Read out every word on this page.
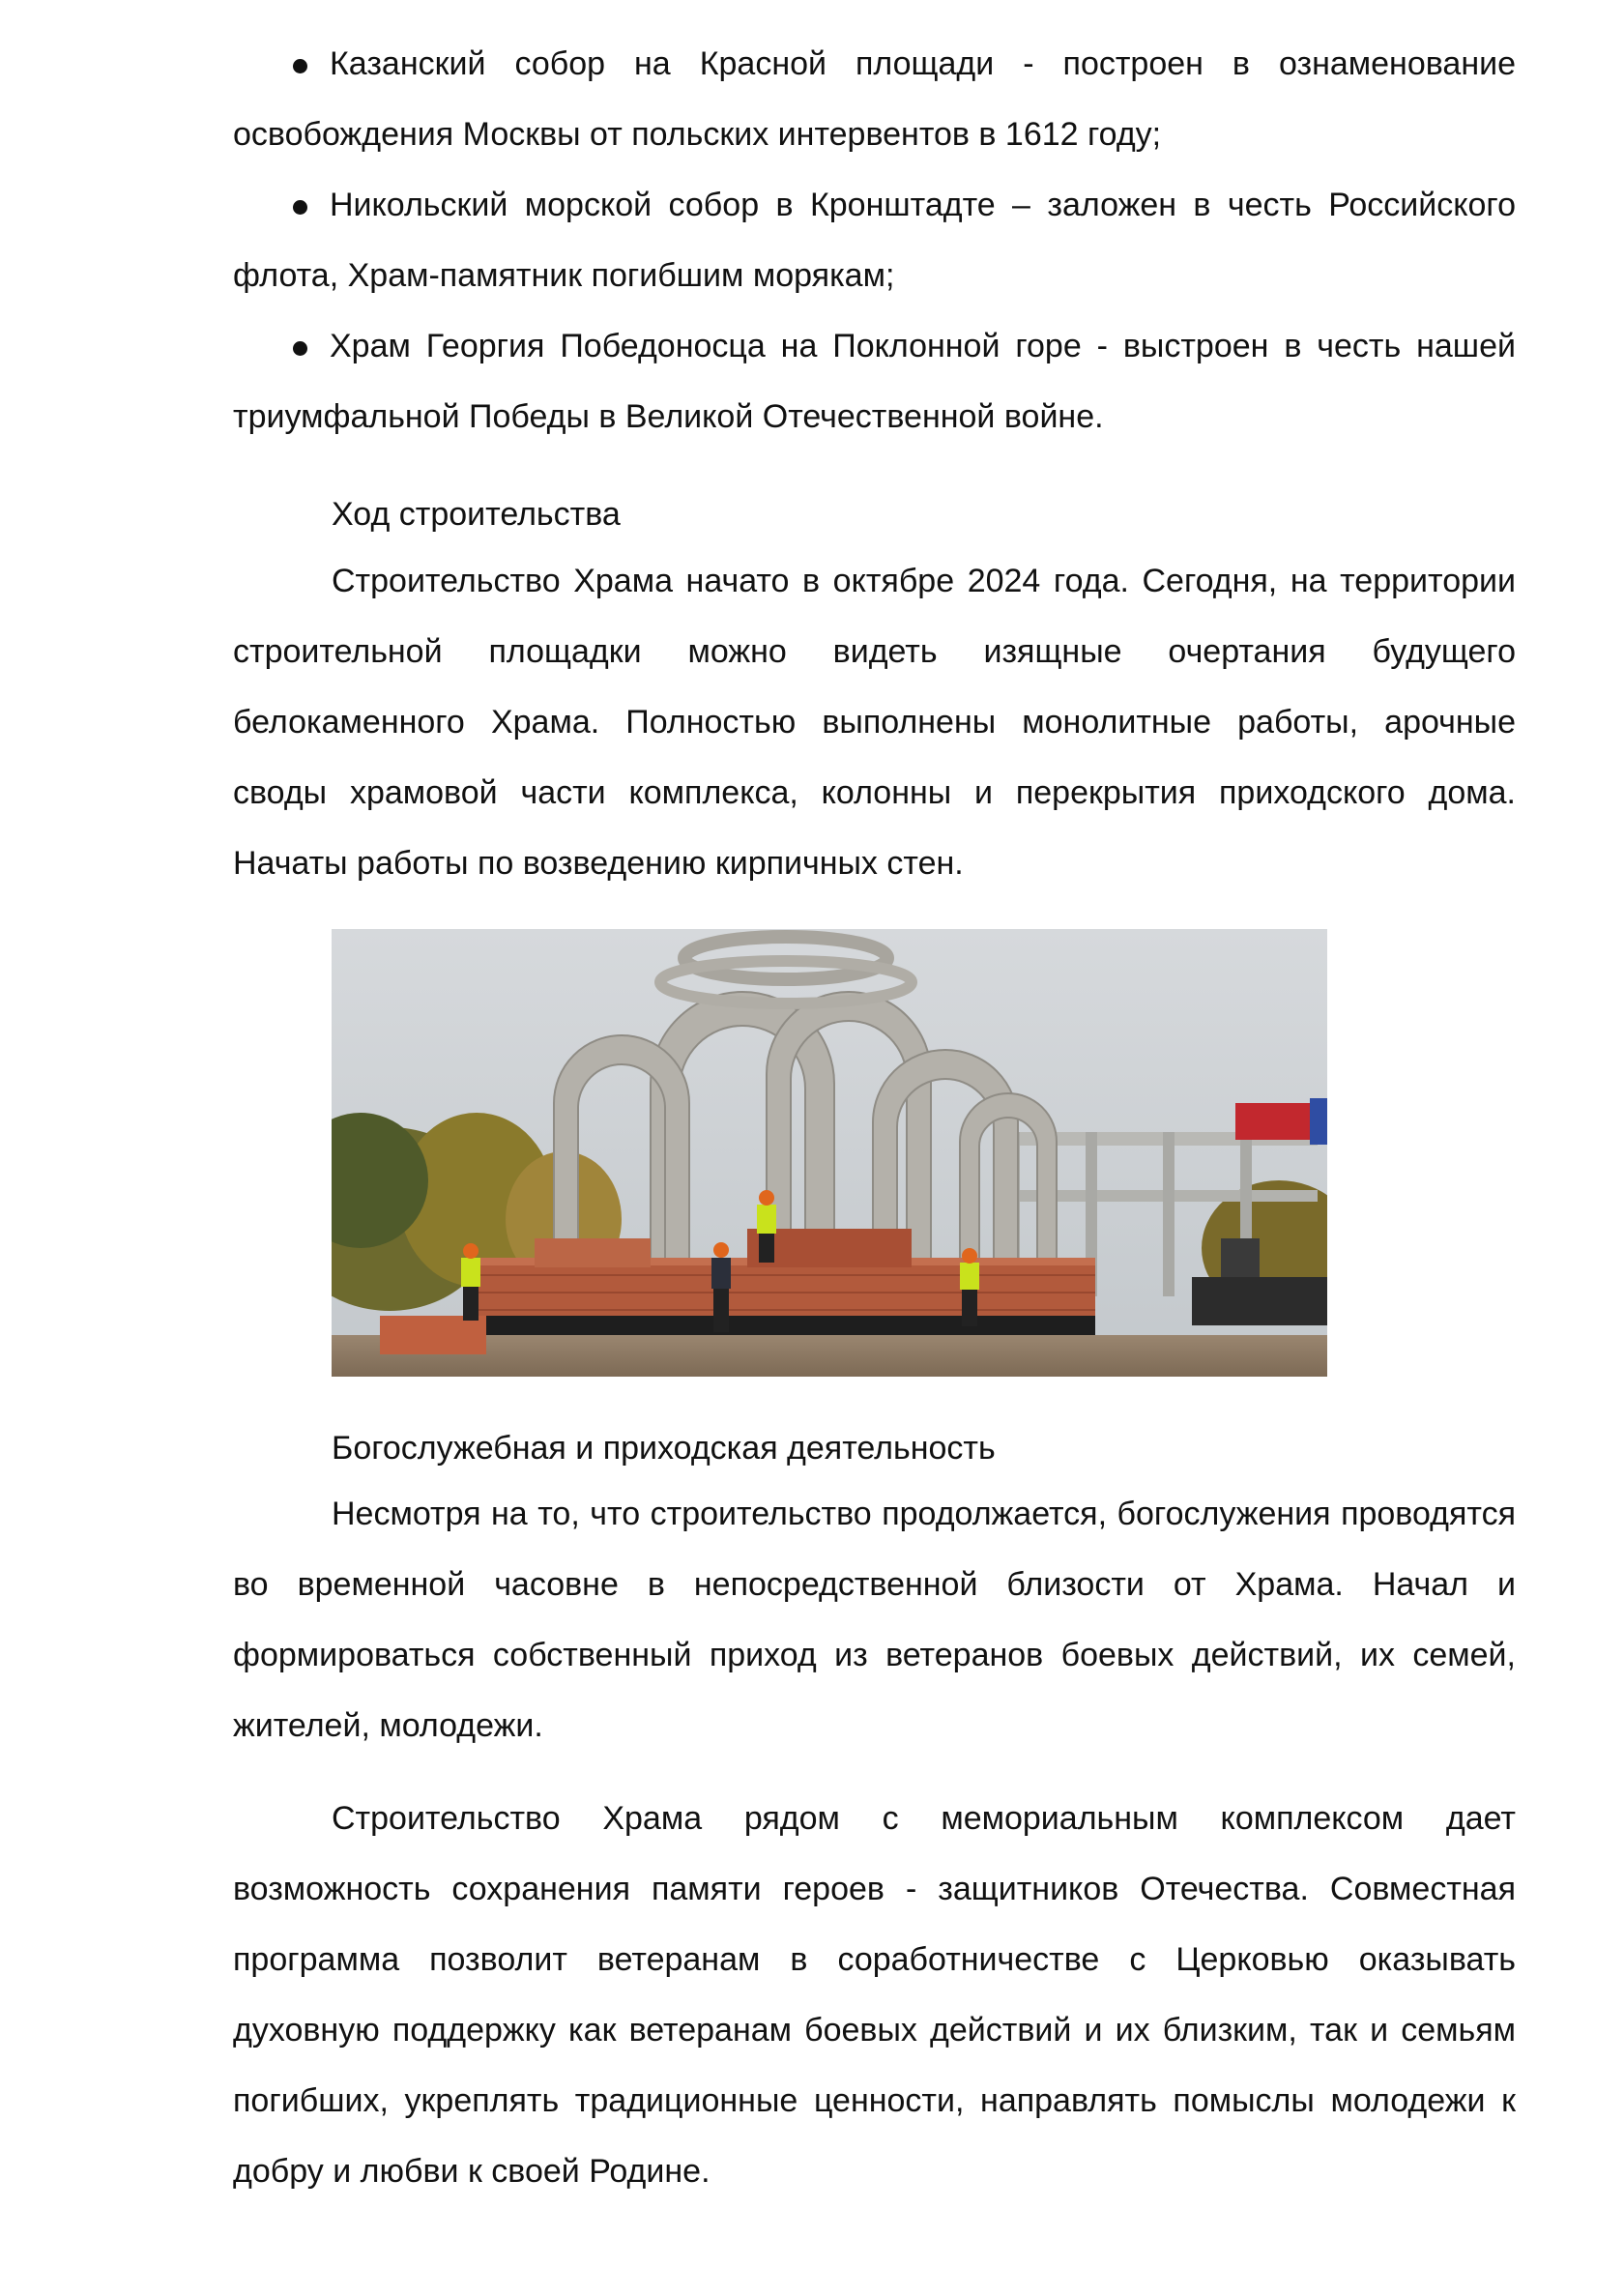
Казанский собор на Красной площади - построен в ознаменование освобождения Москвы от польских интервентов в 1612 году;
Никольский морской собор в Кронштадте – заложен в честь Российского флота, Храм-памятник погибшим морякам;
Храм Георгия Победоносца на Поклонной горе - выстроен в честь нашей триумфальной Победы в Великой Отечественной войне.
Ход строительства

Строительство Храма начато в октябре 2024 года. Сегодня, на территории строительной площадки можно видеть изящные очертания будущего белокаменного Храма. Полностью выполнены монолитные работы, арочные своды храмовой части комплекса, колонны и перекрытия приходского дома. Начаты работы по возведению кирпичных стен.

Богослужебная и приходская деятельность

Несмотря на то, что строительство продолжается, богослужения проводятся во временной часовне в непосредственной близости от Храма. Начал и формироваться собственный приход из ветеранов боевых действий, их семей, жителей, молодежи.

Строительство Храма рядом с мемориальным комплексом дает возможность сохранения памяти героев - защитников Отечества. Совместная программа позволит ветеранам в соработничестве с Церковью оказывать духовную поддержку как ветеранам боевых действий и их близким, так и семьям погибших, укреплять традиционные ценности, направлять помыслы молодежи к добру и любви к своей Родине.
